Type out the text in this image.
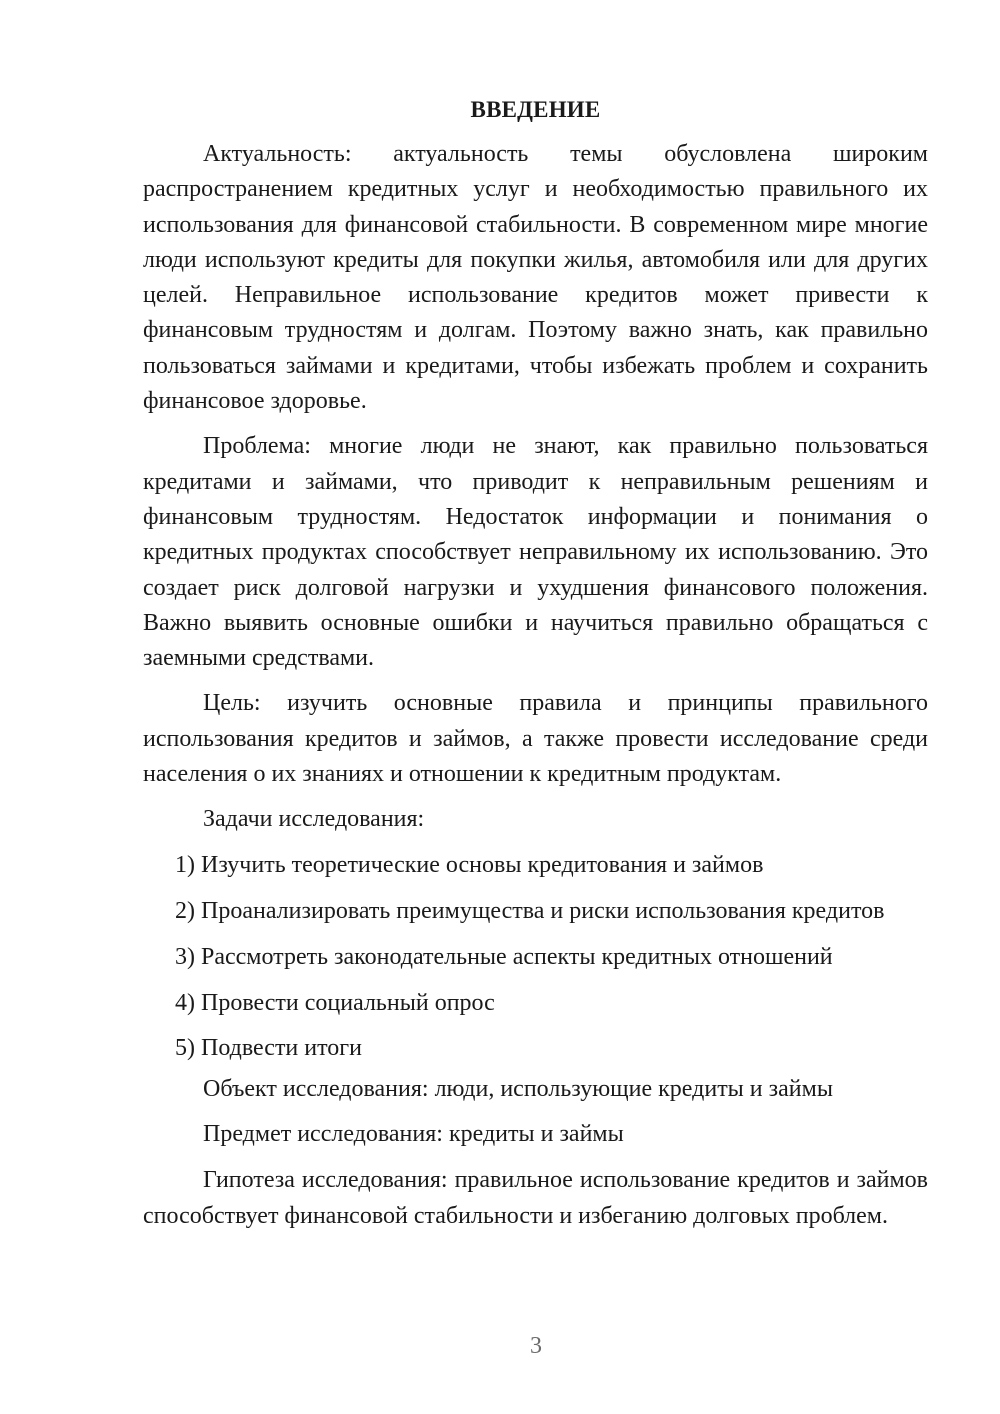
ВВЕДЕНИЕ

Актуальность: актуальность темы обусловлена широким распространением кредитных услуг и необходимостью правильного их использования для финансовой стабильности. В современном мире многие люди используют кредиты для покупки жилья, автомобиля или для других целей. Неправильное использование кредитов может привести к финансовым трудностям и долгам. Поэтому важно знать, как правильно пользоваться займами и кредитами, чтобы избежать проблем и сохранить финансовое здоровье.

Проблема: многие люди не знают, как правильно пользоваться кредитами и займами, что приводит к неправильным решениям и финансовым трудностям. Недостаток информации и понимания о кредитных продуктах способствует неправильному их использованию. Это создает риск долговой нагрузки и ухудшения финансового положения. Важно выявить основные ошибки и научиться правильно обращаться с заемными средствами.

Цель: изучить основные правила и принципы правильного использования кредитов и займов, а также провести исследование среди населения о их знаниях и отношении к кредитным продуктам.

Задачи исследования:

1) Изучить теоретические основы кредитования и займов

2) Проанализировать преимущества и риски использования кредитов

3) Рассмотреть законодательные аспекты кредитных отношений

4) Провести социальный опрос

5) Подвести итоги

Объект исследования: люди, использующие кредиты и займы

Предмет исследования: кредиты и займы

Гипотеза исследования: правильное использование кредитов и займов способствует финансовой стабильности и избеганию долговых проблем.

3
